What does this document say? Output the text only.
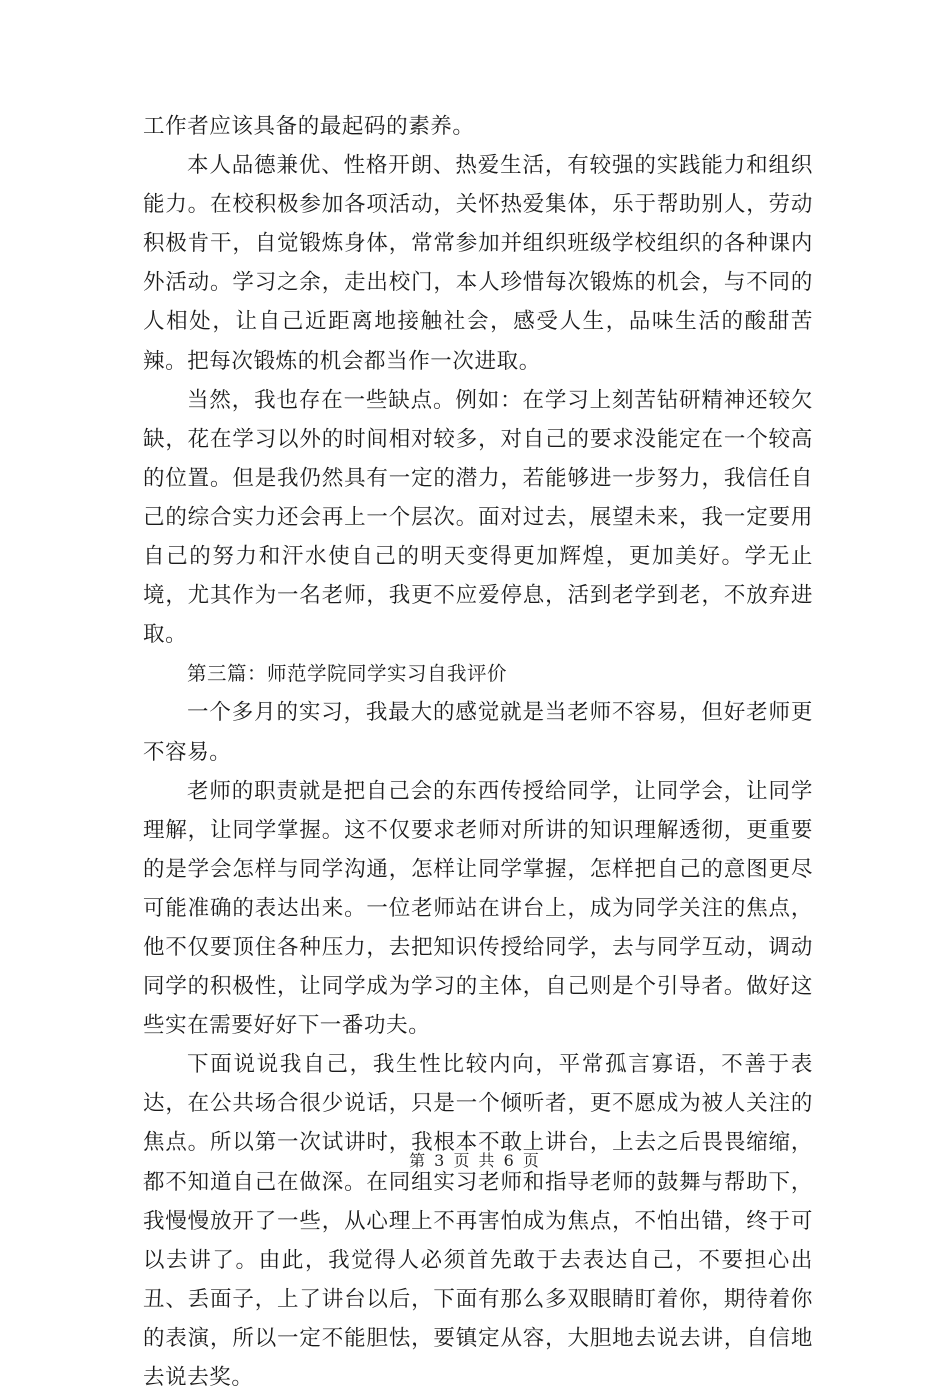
工作者应该具备的最起码的素养。

本人品德兼优、性格开朗、热爱生活，有较强的实践能力和组织能力。在校积极参加各项活动，关怀热爱集体，乐于帮助别人，劳动积极肯干，自觉锻炼身体，常常参加并组织班级学校组织的各种课内外活动。学习之余，走出校门，本人珍惜每次锻炼的机会，与不同的人相处，让自己近距离地接触社会，感受人生，品味生活的酸甜苦辣。把每次锻炼的机会都当作一次进取。

当然，我也存在一些缺点。例如：在学习上刻苦钻研精神还较欠缺，花在学习以外的时间相对较多，对自己的要求没能定在一个较高的位置。但是我仍然具有一定的潜力，若能够进一步努力，我信任自己的综合实力还会再上一个层次。面对过去，展望未来，我一定要用自己的努力和汗水使自己的明天变得更加辉煌，更加美好。学无止境，尤其作为一名老师，我更不应爱停息，活到老学到老，不放弃进取。

第三篇：师范学院同学实习自我评价

一个多月的实习，我最大的感觉就是当老师不容易，但好老师更不容易。

老师的职责就是把自己会的东西传授给同学，让同学会，让同学理解，让同学掌握。这不仅要求老师对所讲的知识理解透彻，更重要的是学会怎样与同学沟通，怎样让同学掌握，怎样把自己的意图更尽可能准确的表达出来。一位老师站在讲台上，成为同学关注的焦点，他不仅要顶住各种压力，去把知识传授给同学，去与同学互动，调动同学的积极性，让同学成为学习的主体，自己则是个引导者。做好这些实在需要好好下一番功夫。

下面说说我自己，我生性比较内向，平常孤言寡语，不善于表达，在公共场合很少说话，只是一个倾听者，更不愿成为被人关注的焦点。所以第一次试讲时，我根本不敢上讲台，上去之后畏畏缩缩，都不知道自己在做深。在同组实习老师和指导老师的鼓舞与帮助下，我慢慢放开了一些，从心理上不再害怕成为焦点，不怕出错，终于可以去讲了。由此，我觉得人必须首先敢于去表达自己，不要担心出丑、丢面子，上了讲台以后，下面有那么多双眼睛盯着你，期待着你的表演，所以一定不能胆怯，要镇定从容，大胆地去说去讲，自信地去说去奖。

第 3 页 共 6 页
